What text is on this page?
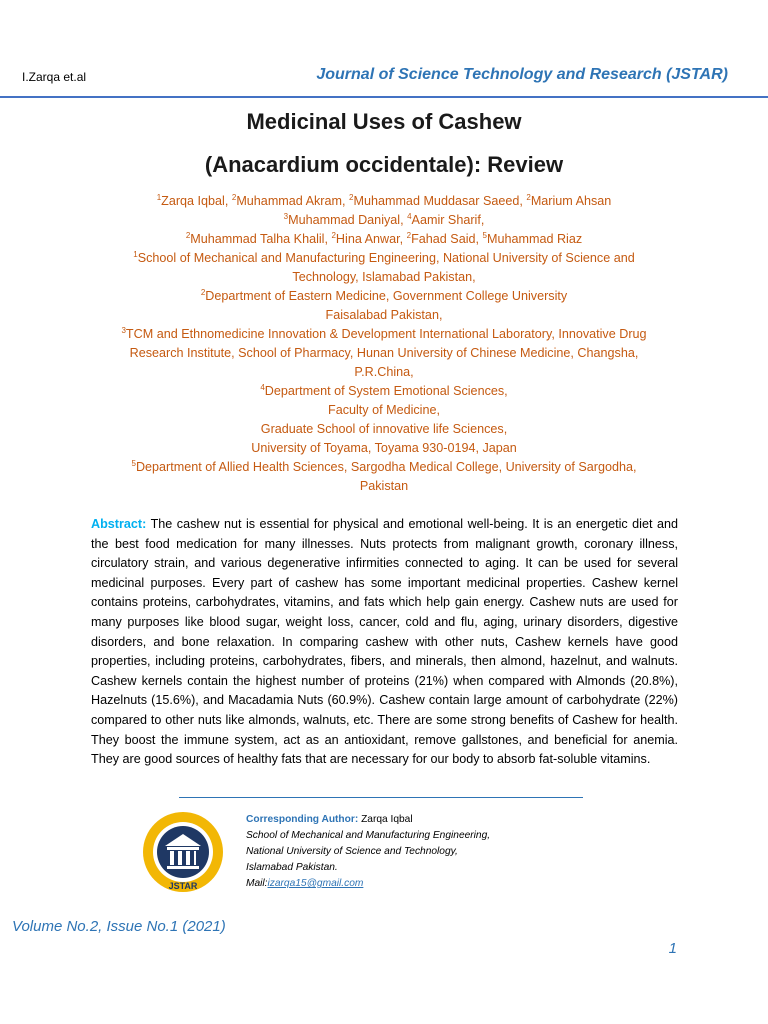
I.Zarqa et.al	Journal of Science Technology and Research (JSTAR)
Medicinal Uses of Cashew
(Anacardium occidentale): Review
$^1$Zarqa Iqbal, $^2$Muhammad Akram, $^2$Muhammad Muddasar Saeed, $^2$Marium Ahsan
$^3$Muhammad Daniyal, $^4$Aamir Sharif,
$^2$Muhammad Talha Khalil, $^2$Hina Anwar, $^2$Fahad Said, $^5$Muhammad Riaz
$^1$School of Mechanical and Manufacturing Engineering, National University of Science and
Technology, Islamabad Pakistan,
$^2$Department of Eastern Medicine, Government College University
Faisalabad Pakistan,
$^3$TCM and Ethnomedicine Innovation & Development International Laboratory, Innovative Drug
Research Institute, School of Pharmacy, Hunan University of Chinese Medicine, Changsha,
P.R.China,
$^4$Department of System Emotional Sciences,
Faculty of Medicine,
Graduate School of innovative life Sciences,
University of Toyama, Toyama 930-0194, Japan
$^5$Department of Allied Health Sciences, Sargodha Medical College, University of Sargodha,
Pakistan
Abstract: The cashew nut is essential for physical and emotional well-being. It is an energetic diet and the best food medication for many illnesses. Nuts protects from malignant growth, coronary illness, circulatory strain, and various degenerative infirmities connected to aging. It can be used for several medicinal purposes. Every part of cashew has some important medicinal properties. Cashew kernel contains proteins, carbohydrates, vitamins, and fats which help gain energy. Cashew nuts are used for many purposes like blood sugar, weight loss, cancer, cold and flu, aging, urinary disorders, digestive disorders, and bone relaxation. In comparing cashew with other nuts, Cashew kernels have good properties, including proteins, carbohydrates, fibers, and minerals, then almond, hazelnut, and walnuts. Cashew kernels contain the highest number of proteins (21%) when compared with Almonds (20.8%), Hazelnuts (15.6%), and Macadamia Nuts (60.9%). Cashew contain large amount of carbohydrate (22%) compared to other nuts like almonds, walnuts, etc. There are some strong benefits of Cashew for health. They boost the immune system, act as an antioxidant, remove gallstones, and beneficial for anemia. They are good sources of healthy fats that are necessary for our body to absorb fat-soluble vitamins.
JSTAR
Corresponding Author: Zarqa Iqbal
School of Mechanical and Manufacturing Engineering,
National University of Science and Technology,
Islamabad Pakistan.
Mail:izarqa15@gmail.com
Volume No.2, Issue No.1 (2021)
1
